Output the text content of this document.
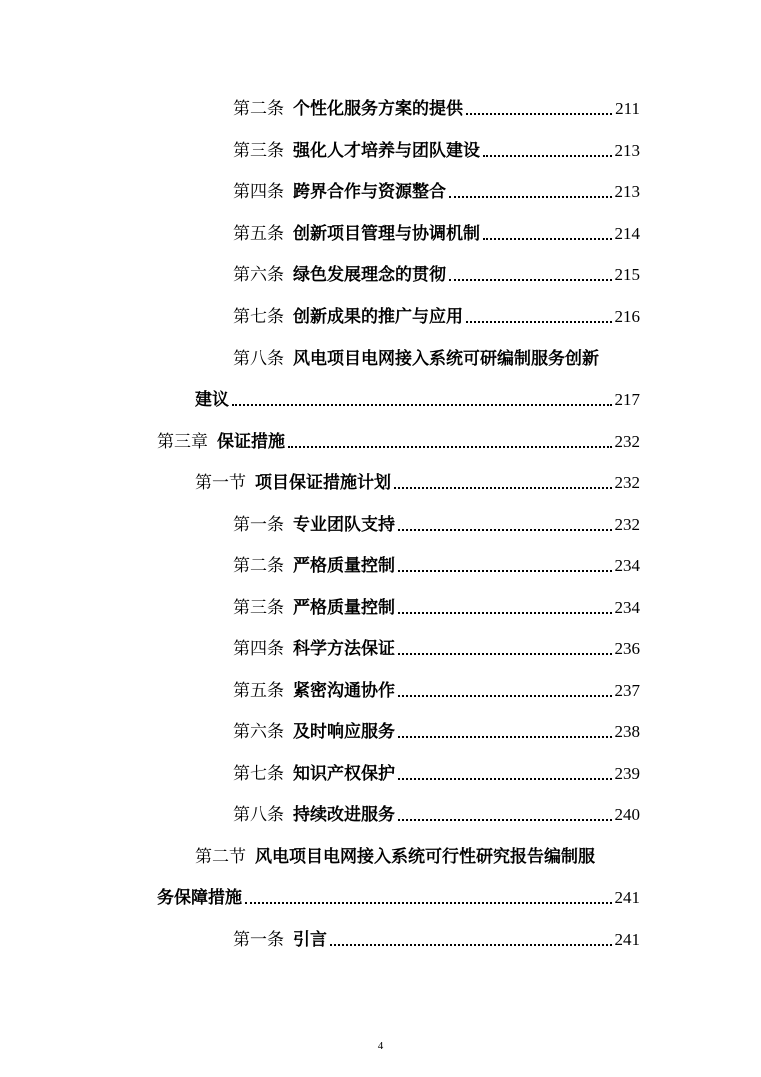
第二条 个性化服务方案的提供	211
第三条 强化人才培养与团队建设	213
第四条 跨界合作与资源整合	213
第五条 创新项目管理与协调机制	214
第六条 绿色发展理念的贯彻	215
第七条 创新成果的推广与应用	216
第八条 风电项目电网接入系统可研编制服务创新
建议	217
第三章 保证措施	232
第一节 项目保证措施计划	232
第一条 专业团队支持	232
第二条 严格质量控制	234
第三条 严格质量控制	234
第四条 科学方法保证	236
第五条 紧密沟通协作	237
第六条 及时响应服务	238
第七条 知识产权保护	239
第八条 持续改进服务	240
第二节 风电项目电网接入系统可行性研究报告编制服
务保障措施	241
第一条 引言	241
4
